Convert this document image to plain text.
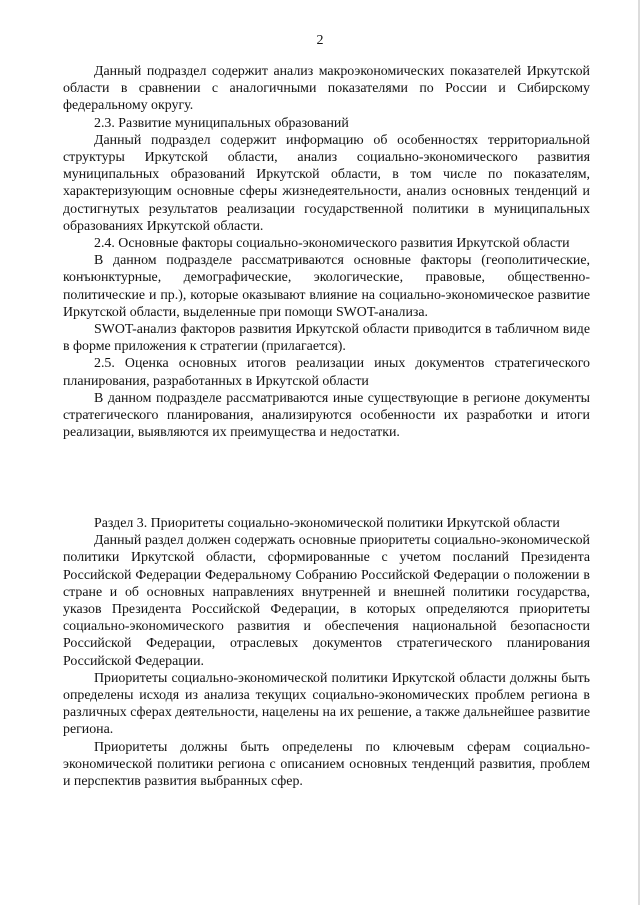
2

Данный подраздел содержит анализ макроэкономических показателей Иркутской области в сравнении с аналогичными показателями по России и Сибирскому федеральному округу.

2.3. Развитие муниципальных образований

Данный подраздел содержит информацию об особенностях территориальной структуры Иркутской области, анализ социально-экономического развития муниципальных образований Иркутской области, в том числе по показателям, характеризующим основные сферы жизнедеятельности, анализ основных тенденций и достигнутых результатов реализации государственной политики в муниципальных образованиях Иркутской области.

2.4. Основные факторы социально-экономического развития Иркутской области

В данном подразделе рассматриваются основные факторы (геополитические, конъюнктурные, демографические, экологические, правовые, общественно-политические и пр.), которые оказывают влияние на социально-экономическое развитие Иркутской области, выделенные при помощи SWOT-анализа.

SWOT-анализ факторов развития Иркутской области приводится в табличном виде в форме приложения к стратегии (прилагается).

2.5. Оценка основных итогов реализации иных документов стратегического планирования, разработанных в Иркутской области

В данном подразделе рассматриваются иные существующие в регионе документы стратегического планирования, анализируются особенности их разработки и итоги реализации, выявляются их преимущества и недостатки.

Раздел 3. Приоритеты социально-экономической политики Иркутской области

Данный раздел должен содержать основные приоритеты социально-экономической политики Иркутской области, сформированные с учетом посланий Президента Российской Федерации Федеральному Собранию Российской Федерации о положении в стране и об основных направлениях внутренней и внешней политики государства, указов Президента Российской Федерации, в которых определяются приоритеты социально-экономического развития и обеспечения национальной безопасности Российской Федерации, отраслевых документов стратегического планирования Российской Федерации.

Приоритеты социально-экономической политики Иркутской области должны быть определены исходя из анализа текущих социально-экономических проблем региона в различных сферах деятельности, нацелены на их решение, а также дальнейшее развитие региона.

Приоритеты должны быть определены по ключевым сферам социально-экономической политики региона с описанием основных тенденций развития, проблем и перспектив развития выбранных сфер.
